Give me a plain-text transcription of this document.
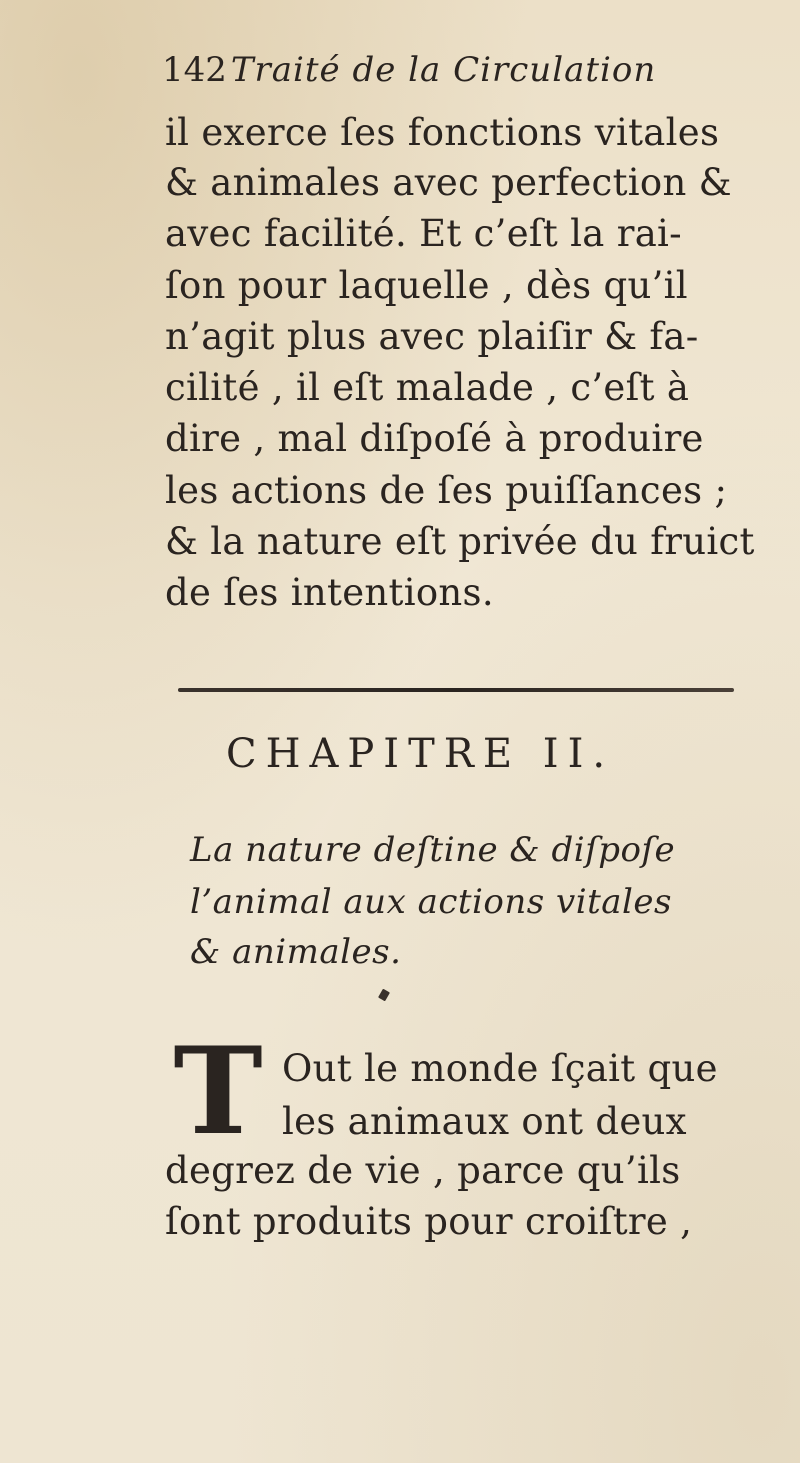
142 Traité de la Circulation
il exerce ſes fonctions vitales
& animales avec perfection &
avec facilité. Et c’eſt la rai-
ſon pour laquelle , dès qu’il
n’agit plus avec plaiſir & fa-
cilité , il eſt malade , c’eſt à
dire , mal diſpoſé à produire
les actions de ſes puiſſances ;
& la nature eſt privée du fruict
de ſes intentions.
CHAPITRE II.
La nature deſtine & diſpoſe
l’animal aux actions vitales
& animales.
T Out le monde ſçait que
les animaux ont deux
degrez de vie , parce qu’ils
ſont produits pour croiſtre ,
